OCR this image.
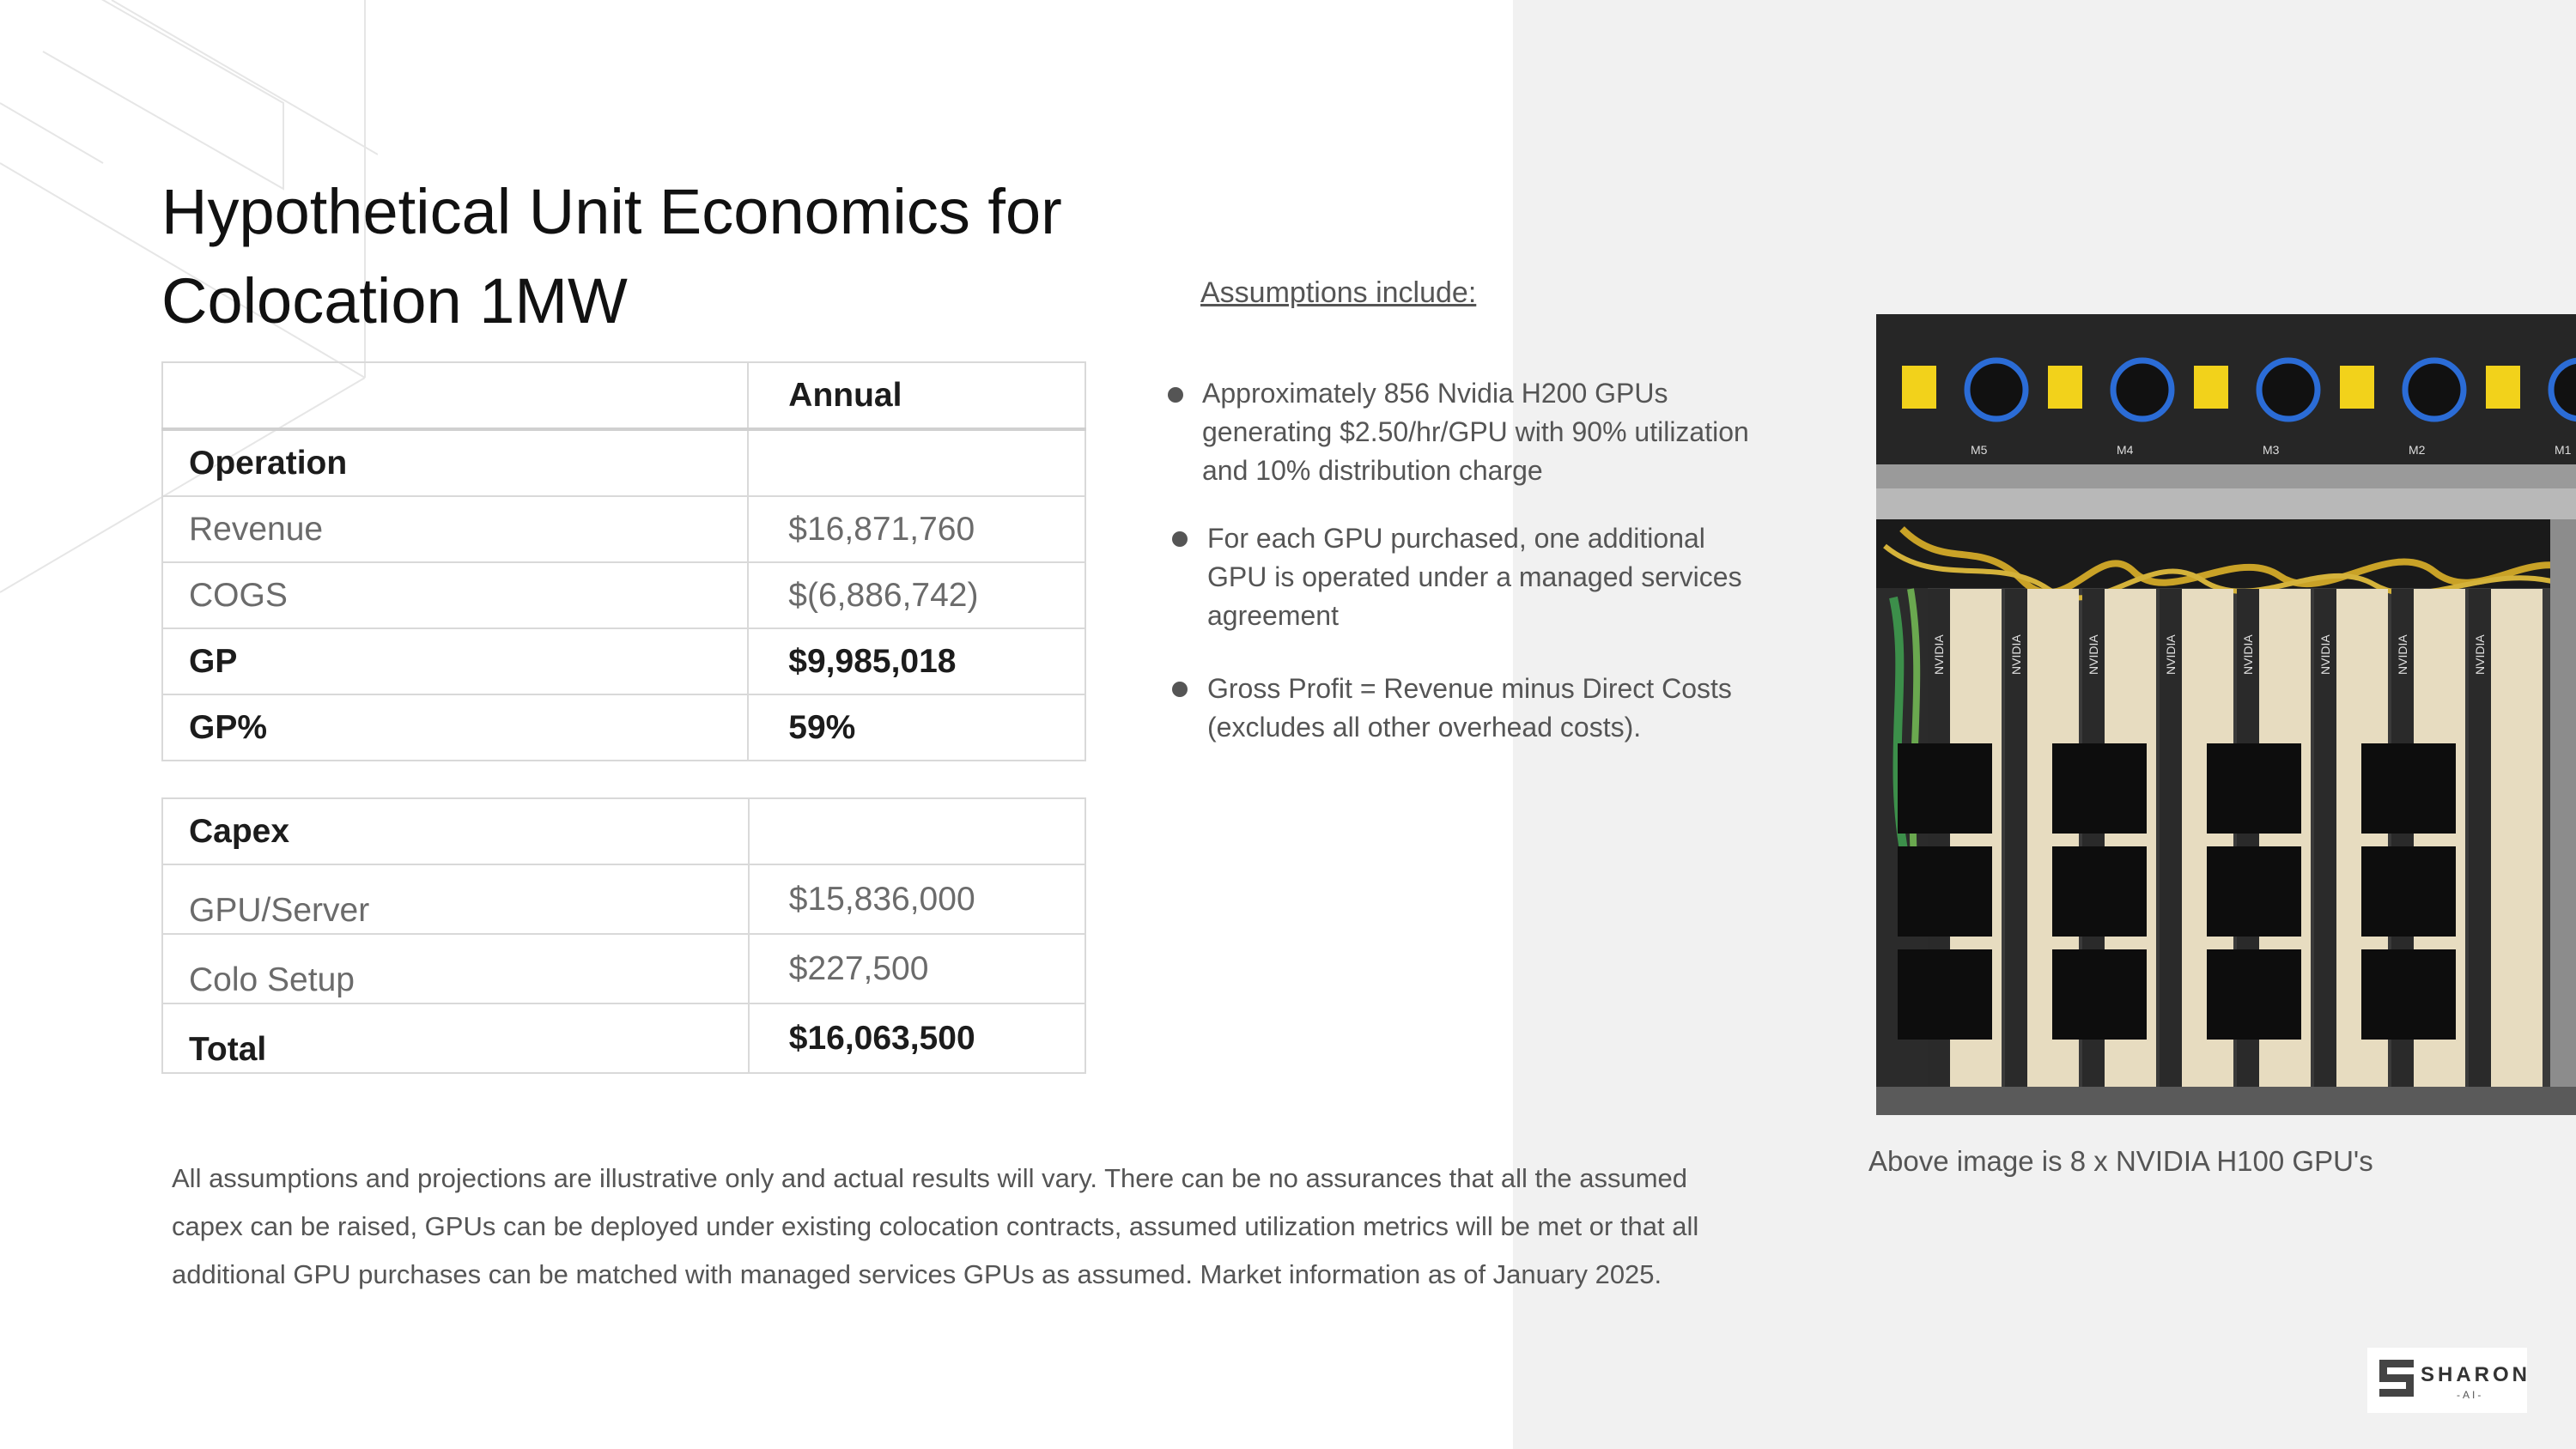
Hypothetical Unit Economics for
Colocation 1MW
	Annual
Operation	
Revenue	$16,871,760
COGS	$(6,886,742)
GP	$9,985,018
GP%	59%
Capex	
GPU/Server	$15,836,000
Colo Setup	$227,500
Total	$16,063,500
Assumptions include:
Approximately 856 Nvidia H200 GPUs
generating $2.50/hr/GPU with 90% utilization
and 10% distribution charge
For each GPU purchased, one additional
GPU is operated under a managed services
agreement
Gross Profit = Revenue minus Direct Costs
(excludes all other overhead costs).
M5	M4	M3	M2	M1
NVIDIA	NVIDIA	NVIDIA	NVIDIA	NVIDIA	NVIDIA	NVIDIA	NVIDIA
Above image is 8 x NVIDIA H100 GPU's
All assumptions and projections are illustrative only and actual results will vary. There can be no assurances that all the assumed
capex can be raised, GPUs can be deployed under existing colocation contracts, assumed utilization metrics will be met or that all
additional GPU purchases can be matched with managed services GPUs as assumed. Market information as of January 2025.
SHARON
-AI-
